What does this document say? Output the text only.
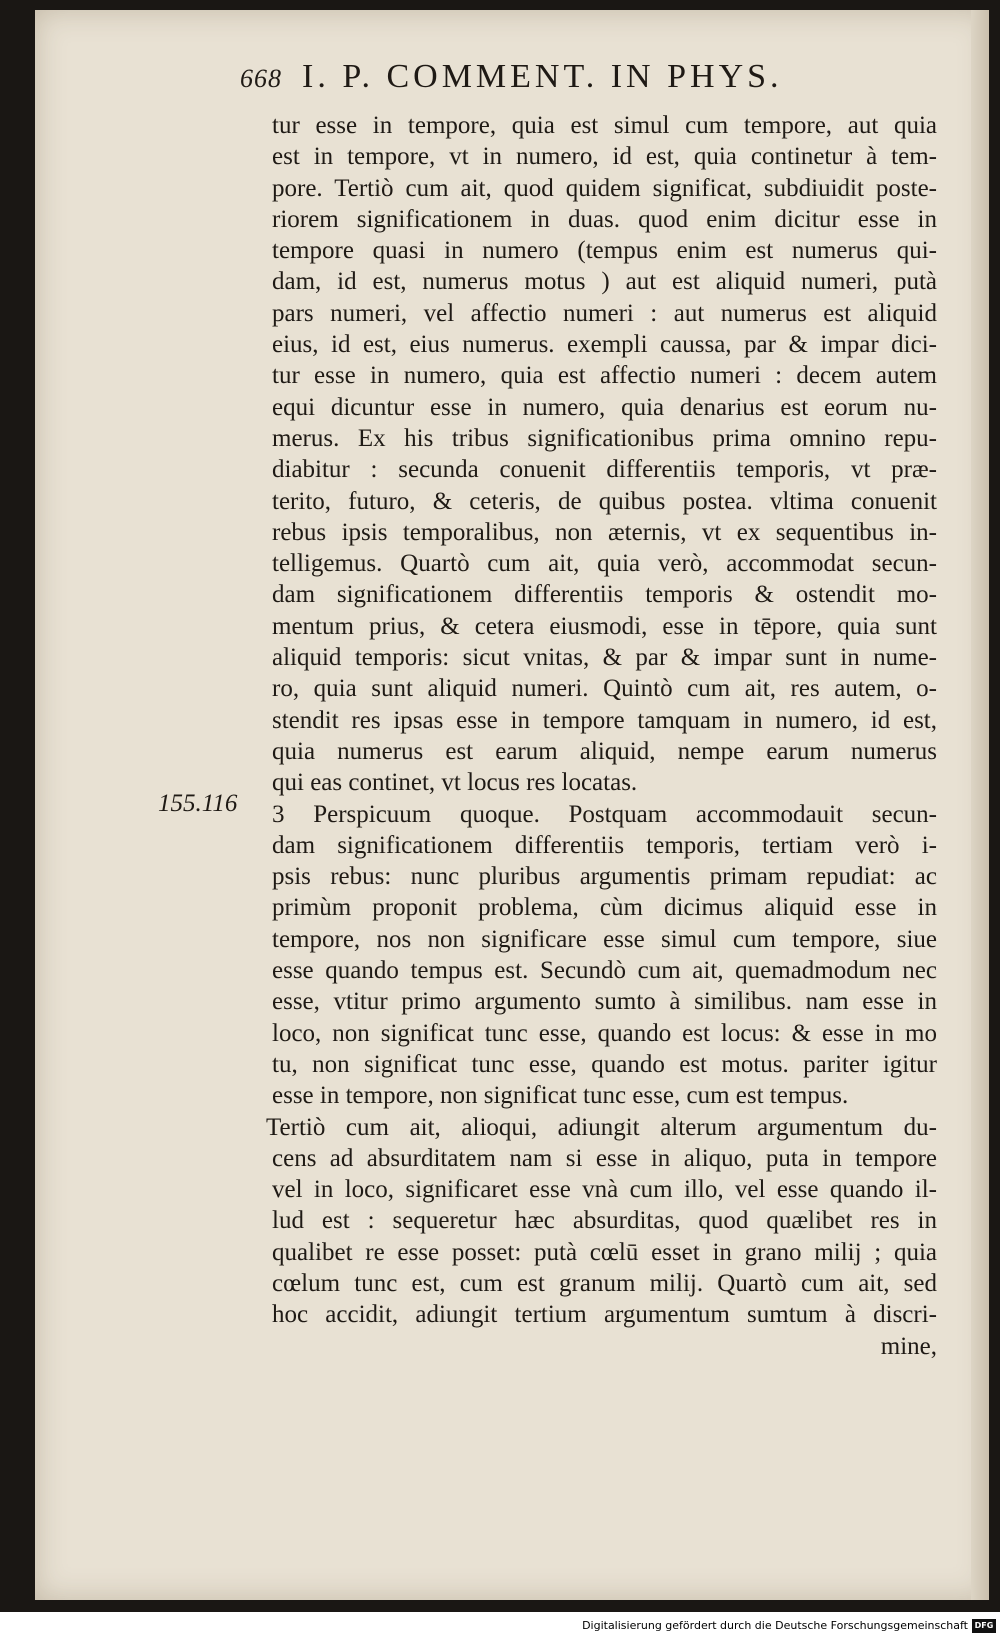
668 I. P. COMMENT. IN PHYS.
155.116
tur esse in tempore, quia est simul cum tempore, aut quia
est in tempore, vt in numero, id est, quia continetur à tem-
pore. Tertiò cum ait, quod quidem significat, subdiuidit poste-
riorem significationem in duas. quod enim dicitur esse in
tempore quasi in numero (tempus enim est numerus qui-
dam, id est, numerus motus ) aut est aliquid numeri, putà
pars numeri, vel affectio numeri : aut numerus est aliquid
eius, id est, eius numerus. exempli caussa, par & impar dici-
tur esse in numero, quia est affectio numeri : decem autem
equi dicuntur esse in numero, quia denarius est eorum nu-
merus. Ex his tribus significationibus prima omnino repu-
diabitur : secunda conuenit differentiis temporis, vt præ-
terito, futuro, & ceteris, de quibus postea. vltima conuenit
rebus ipsis temporalibus, non æternis, vt ex sequentibus in-
telligemus. Quartò cum ait, quia verò, accommodat secun-
dam significationem differentiis temporis & ostendit mo-
mentum prius, & cetera eiusmodi, esse in tēpore, quia sunt
aliquid temporis: sicut vnitas, & par & impar sunt in nume-
ro, quia sunt aliquid numeri. Quintò cum ait, res autem, o-
stendit res ipsas esse in tempore tamquam in numero, id est,
quia numerus est earum aliquid, nempe earum numerus
qui eas continet, vt locus res locatas.
3 Perspicuum quoque. Postquam accommodauit secun-
dam significationem differentiis temporis, tertiam verò i-
psis rebus: nunc pluribus argumentis primam repudiat: ac
primùm proponit problema, cùm dicimus aliquid esse in
tempore, nos non significare esse simul cum tempore, siue
esse quando tempus est. Secundò cum ait, quemadmodum nec
esse, vtitur primo argumento sumto à similibus. nam esse in
loco, non significat tunc esse, quando est locus: & esse in mo
tu, non significat tunc esse, quando est motus. pariter igitur
esse in tempore, non significat tunc esse, cum est tempus.
Tertiò cum ait, alioqui, adiungit alterum argumentum du-
cens ad absurditatem nam si esse in aliquo, puta in tempore
vel in loco, significaret esse vnà cum illo, vel esse quando il-
lud est : sequeretur hæc absurditas, quod quælibet res in
qualibet re esse posset: putà cœlū esset in grano milij ; quia
cœlum tunc est, cum est granum milij. Quartò cum ait, sed
hoc accidit, adiungit tertium argumentum sumtum à discri-
mine,
Digitalisierung gefördert durch die Deutsche Forschungsgemeinschaft DFG
